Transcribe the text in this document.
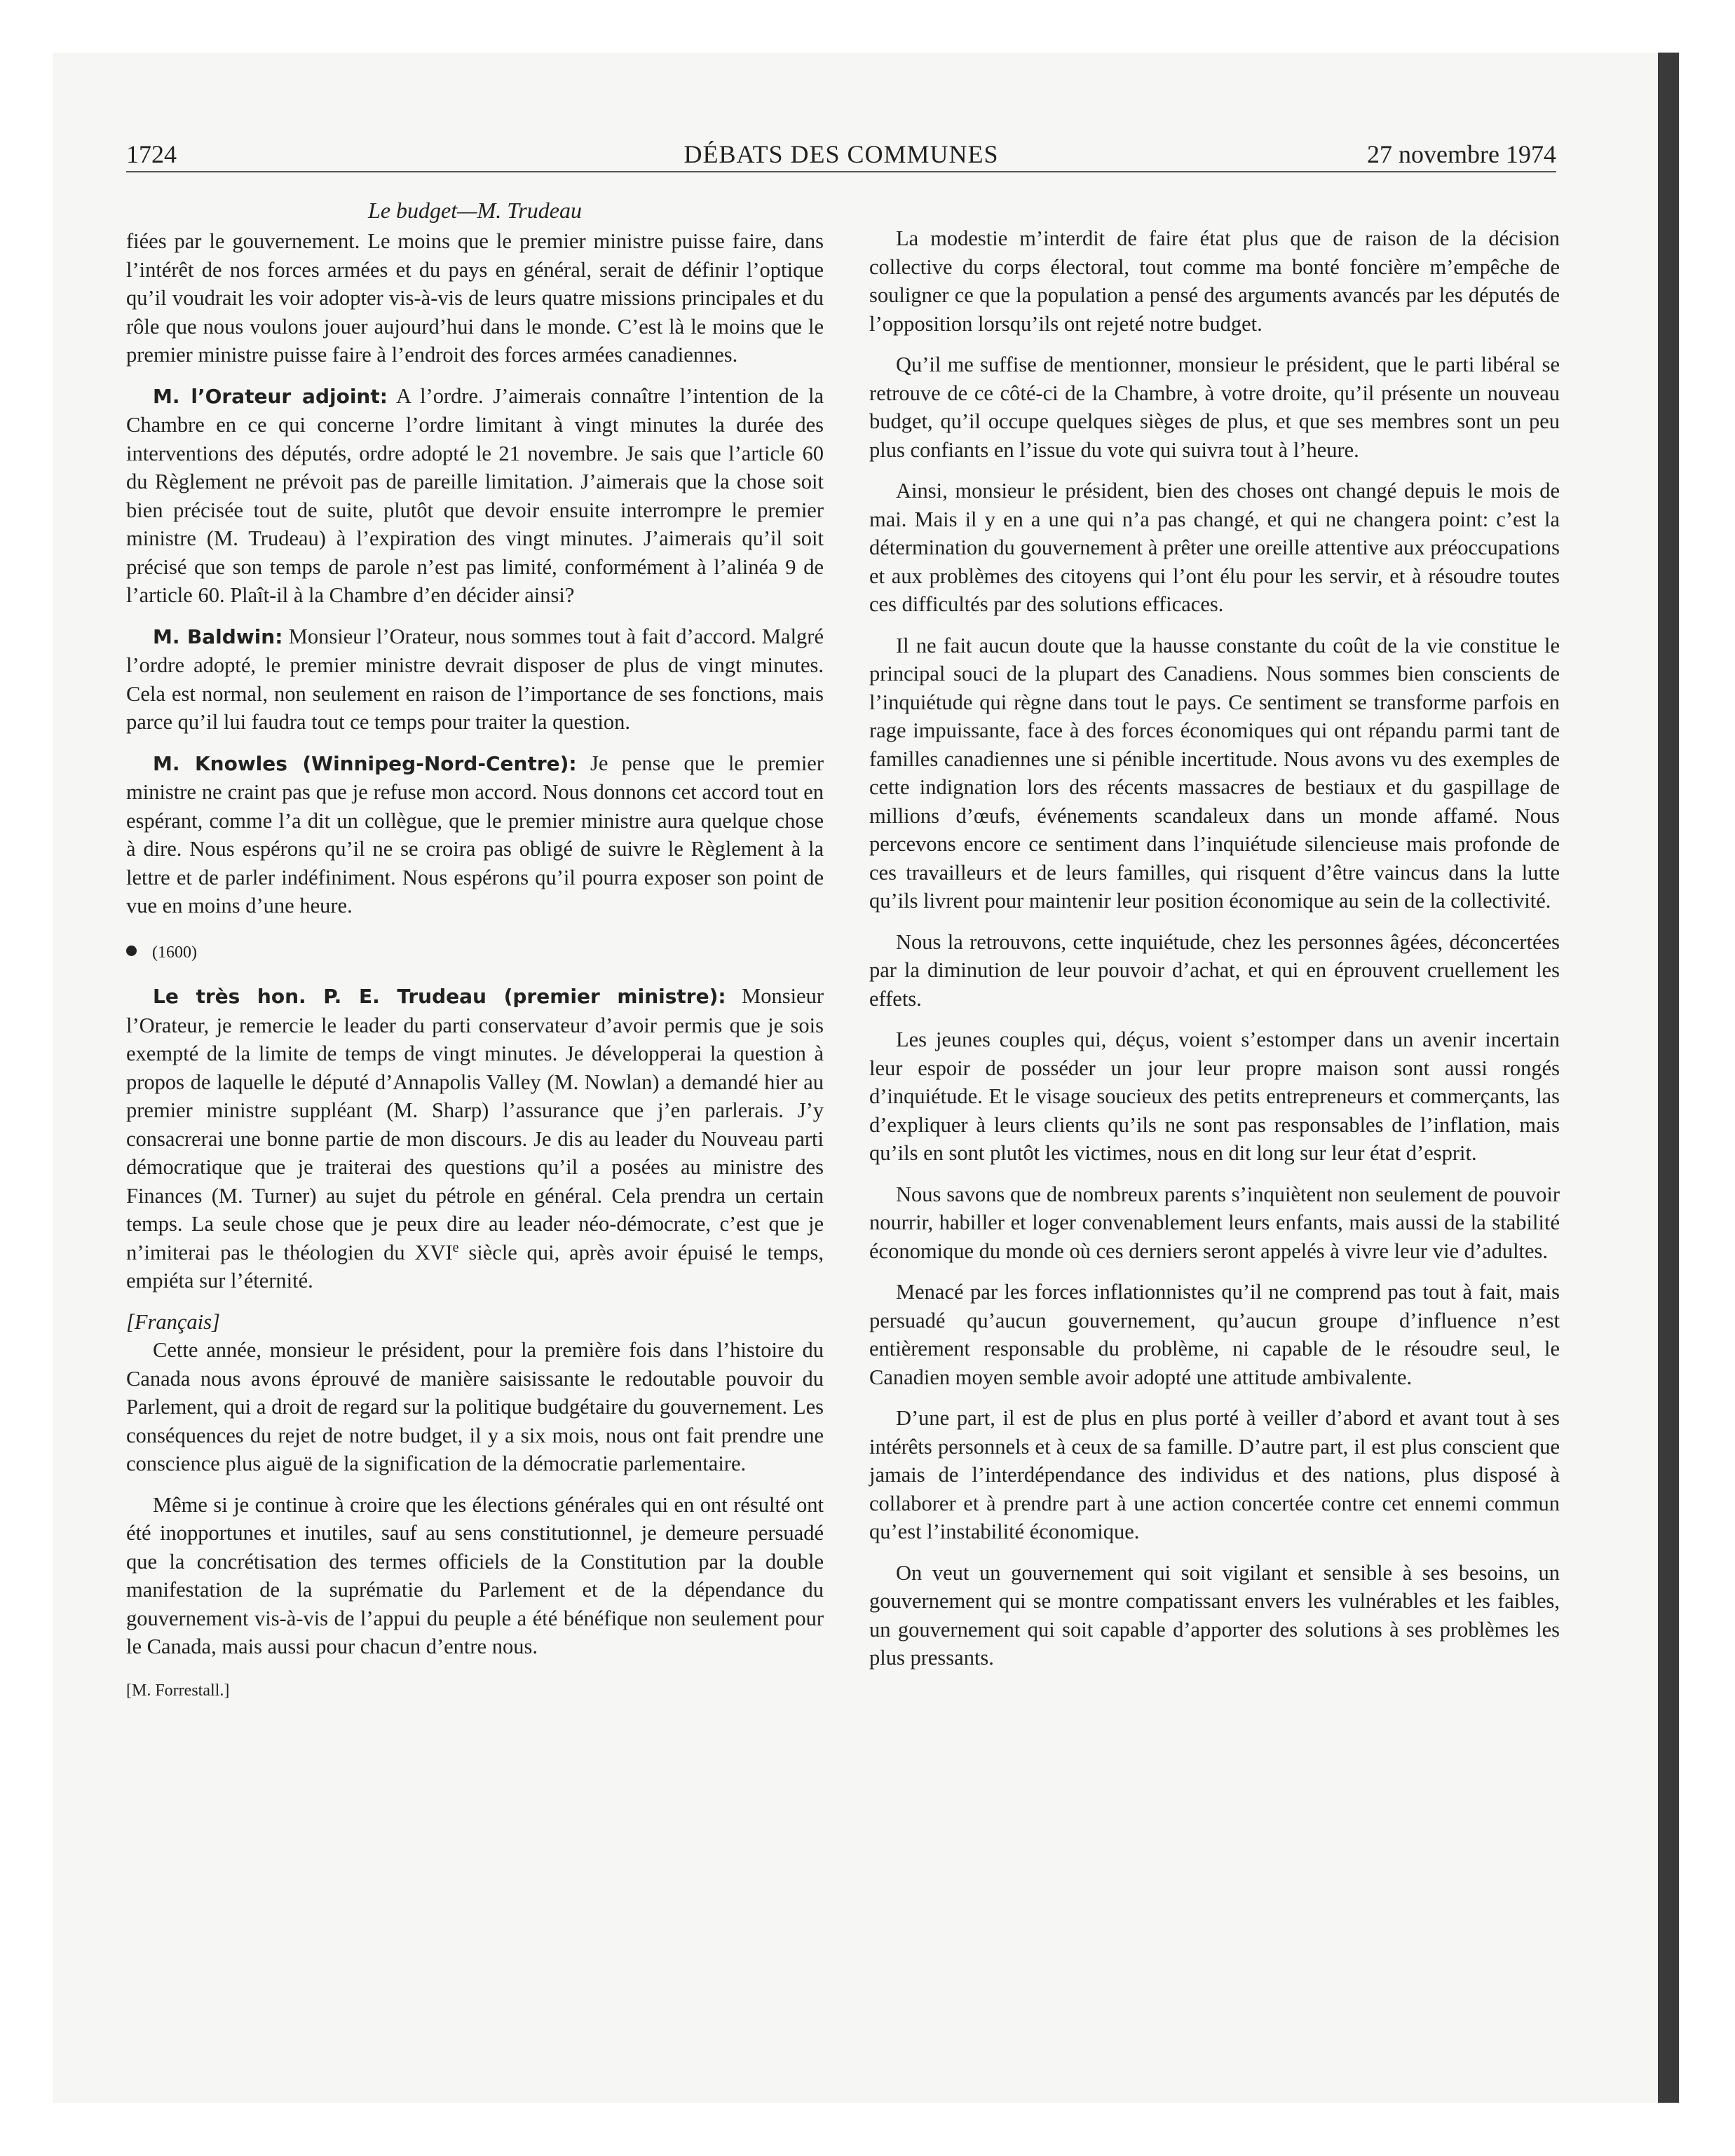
1724	DÉBATS DES COMMUNES	27 novembre 1974
Le budget—M. Trudeau

fiées par le gouvernement. Le moins que le premier ministre puisse faire, dans l’intérêt de nos forces armées et du pays en général, serait de définir l’optique qu’il voudrait les voir adopter vis-à-vis de leurs quatre missions principales et du rôle que nous voulons jouer aujourd’hui dans le monde. C’est là le moins que le premier ministre puisse faire à l’endroit des forces armées canadiennes.

M. l’Orateur adjoint: A l’ordre. J’aimerais connaître l’intention de la Chambre en ce qui concerne l’ordre limitant à vingt minutes la durée des interventions des députés, ordre adopté le 21 novembre. Je sais que l’article 60 du Règlement ne prévoit pas de pareille limitation. J’aimerais que la chose soit bien précisée tout de suite, plutôt que devoir ensuite interrompre le premier ministre (M. Trudeau) à l’expiration des vingt minutes. J’aimerais qu’il soit précisé que son temps de parole n’est pas limité, conformément à l’alinéa 9 de l’article 60. Plaît-il à la Chambre d’en décider ainsi?

M. Baldwin: Monsieur l’Orateur, nous sommes tout à fait d’accord. Malgré l’ordre adopté, le premier ministre devrait disposer de plus de vingt minutes. Cela est normal, non seulement en raison de l’importance de ses fonctions, mais parce qu’il lui faudra tout ce temps pour traiter la question.

M. Knowles (Winnipeg-Nord-Centre): Je pense que le premier ministre ne craint pas que je refuse mon accord. Nous donnons cet accord tout en espérant, comme l’a dit un collègue, que le premier ministre aura quelque chose à dire. Nous espérons qu’il ne se croira pas obligé de suivre le Règlement à la lettre et de parler indéfiniment. Nous espérons qu’il pourra exposer son point de vue en moins d’une heure.

(1600)

Le très hon. P. E. Trudeau (premier ministre): Monsieur l’Orateur, je remercie le leader du parti conservateur d’avoir permis que je sois exempté de la limite de temps de vingt minutes. Je développerai la question à propos de laquelle le député d’Annapolis Valley (M. Nowlan) a demandé hier au premier ministre suppléant (M. Sharp) l’assurance que j’en parlerais. J’y consacrerai une bonne partie de mon discours. Je dis au leader du Nouveau parti démocratique que je traiterai des questions qu’il a posées au ministre des Finances (M. Turner) au sujet du pétrole en général. Cela prendra un certain temps. La seule chose que je peux dire au leader néo-démocrate, c’est que je n’imiterai pas le théologien du XVIe siècle qui, après avoir épuisé le temps, empiéta sur l’éternité.

[Français]

Cette année, monsieur le président, pour la première fois dans l’histoire du Canada nous avons éprouvé de manière saisissante le redoutable pouvoir du Parlement, qui a droit de regard sur la politique budgétaire du gouvernement. Les conséquences du rejet de notre budget, il y a six mois, nous ont fait prendre une conscience plus aiguë de la signification de la démocratie parlementaire.

Même si je continue à croire que les élections générales qui en ont résulté ont été inopportunes et inutiles, sauf au sens constitutionnel, je demeure persuadé que la concrétisation des termes officiels de la Constitution par la double manifestation de la suprématie du Parlement et de la dépendance du gouvernement vis-à-vis de l’appui du peuple a été bénéfique non seulement pour le Canada, mais aussi pour chacun d’entre nous.

[M. Forrestall.]

La modestie m’interdit de faire état plus que de raison de la décision collective du corps électoral, tout comme ma bonté foncière m’empêche de souligner ce que la population a pensé des arguments avancés par les députés de l’opposition lorsqu’ils ont rejeté notre budget.

Qu’il me suffise de mentionner, monsieur le président, que le parti libéral se retrouve de ce côté-ci de la Chambre, à votre droite, qu’il présente un nouveau budget, qu’il occupe quelques sièges de plus, et que ses membres sont un peu plus confiants en l’issue du vote qui suivra tout à l’heure.

Ainsi, monsieur le président, bien des choses ont changé depuis le mois de mai. Mais il y en a une qui n’a pas changé, et qui ne changera point: c’est la détermination du gouvernement à prêter une oreille attentive aux préoccupations et aux problèmes des citoyens qui l’ont élu pour les servir, et à résoudre toutes ces difficultés par des solutions efficaces.

Il ne fait aucun doute que la hausse constante du coût de la vie constitue le principal souci de la plupart des Canadiens. Nous sommes bien conscients de l’inquiétude qui règne dans tout le pays. Ce sentiment se transforme parfois en rage impuissante, face à des forces économiques qui ont répandu parmi tant de familles canadiennes une si pénible incertitude. Nous avons vu des exemples de cette indignation lors des récents massacres de bestiaux et du gaspillage de millions d’œufs, événements scandaleux dans un monde affamé. Nous percevons encore ce sentiment dans l’inquiétude silencieuse mais profonde de ces travailleurs et de leurs familles, qui risquent d’être vaincus dans la lutte qu’ils livrent pour maintenir leur position économique au sein de la collectivité.

Nous la retrouvons, cette inquiétude, chez les personnes âgées, déconcertées par la diminution de leur pouvoir d’achat, et qui en éprouvent cruellement les effets.

Les jeunes couples qui, déçus, voient s’estomper dans un avenir incertain leur espoir de posséder un jour leur propre maison sont aussi rongés d’inquiétude. Et le visage soucieux des petits entrepreneurs et commerçants, las d’expliquer à leurs clients qu’ils ne sont pas responsables de l’inflation, mais qu’ils en sont plutôt les victimes, nous en dit long sur leur état d’esprit.

Nous savons que de nombreux parents s’inquiètent non seulement de pouvoir nourrir, habiller et loger convenablement leurs enfants, mais aussi de la stabilité économique du monde où ces derniers seront appelés à vivre leur vie d’adultes.

Menacé par les forces inflationnistes qu’il ne comprend pas tout à fait, mais persuadé qu’aucun gouvernement, qu’aucun groupe d’influence n’est entièrement responsable du problème, ni capable de le résoudre seul, le Canadien moyen semble avoir adopté une attitude ambivalente.

D’une part, il est de plus en plus porté à veiller d’abord et avant tout à ses intérêts personnels et à ceux de sa famille. D’autre part, il est plus conscient que jamais de l’interdépendance des individus et des nations, plus disposé à collaborer et à prendre part à une action concertée contre cet ennemi commun qu’est l’instabilité économique.

On veut un gouvernement qui soit vigilant et sensible à ses besoins, un gouvernement qui se montre compatissant envers les vulnérables et les faibles, un gouvernement qui soit capable d’apporter des solutions à ses problèmes les plus pressants.
